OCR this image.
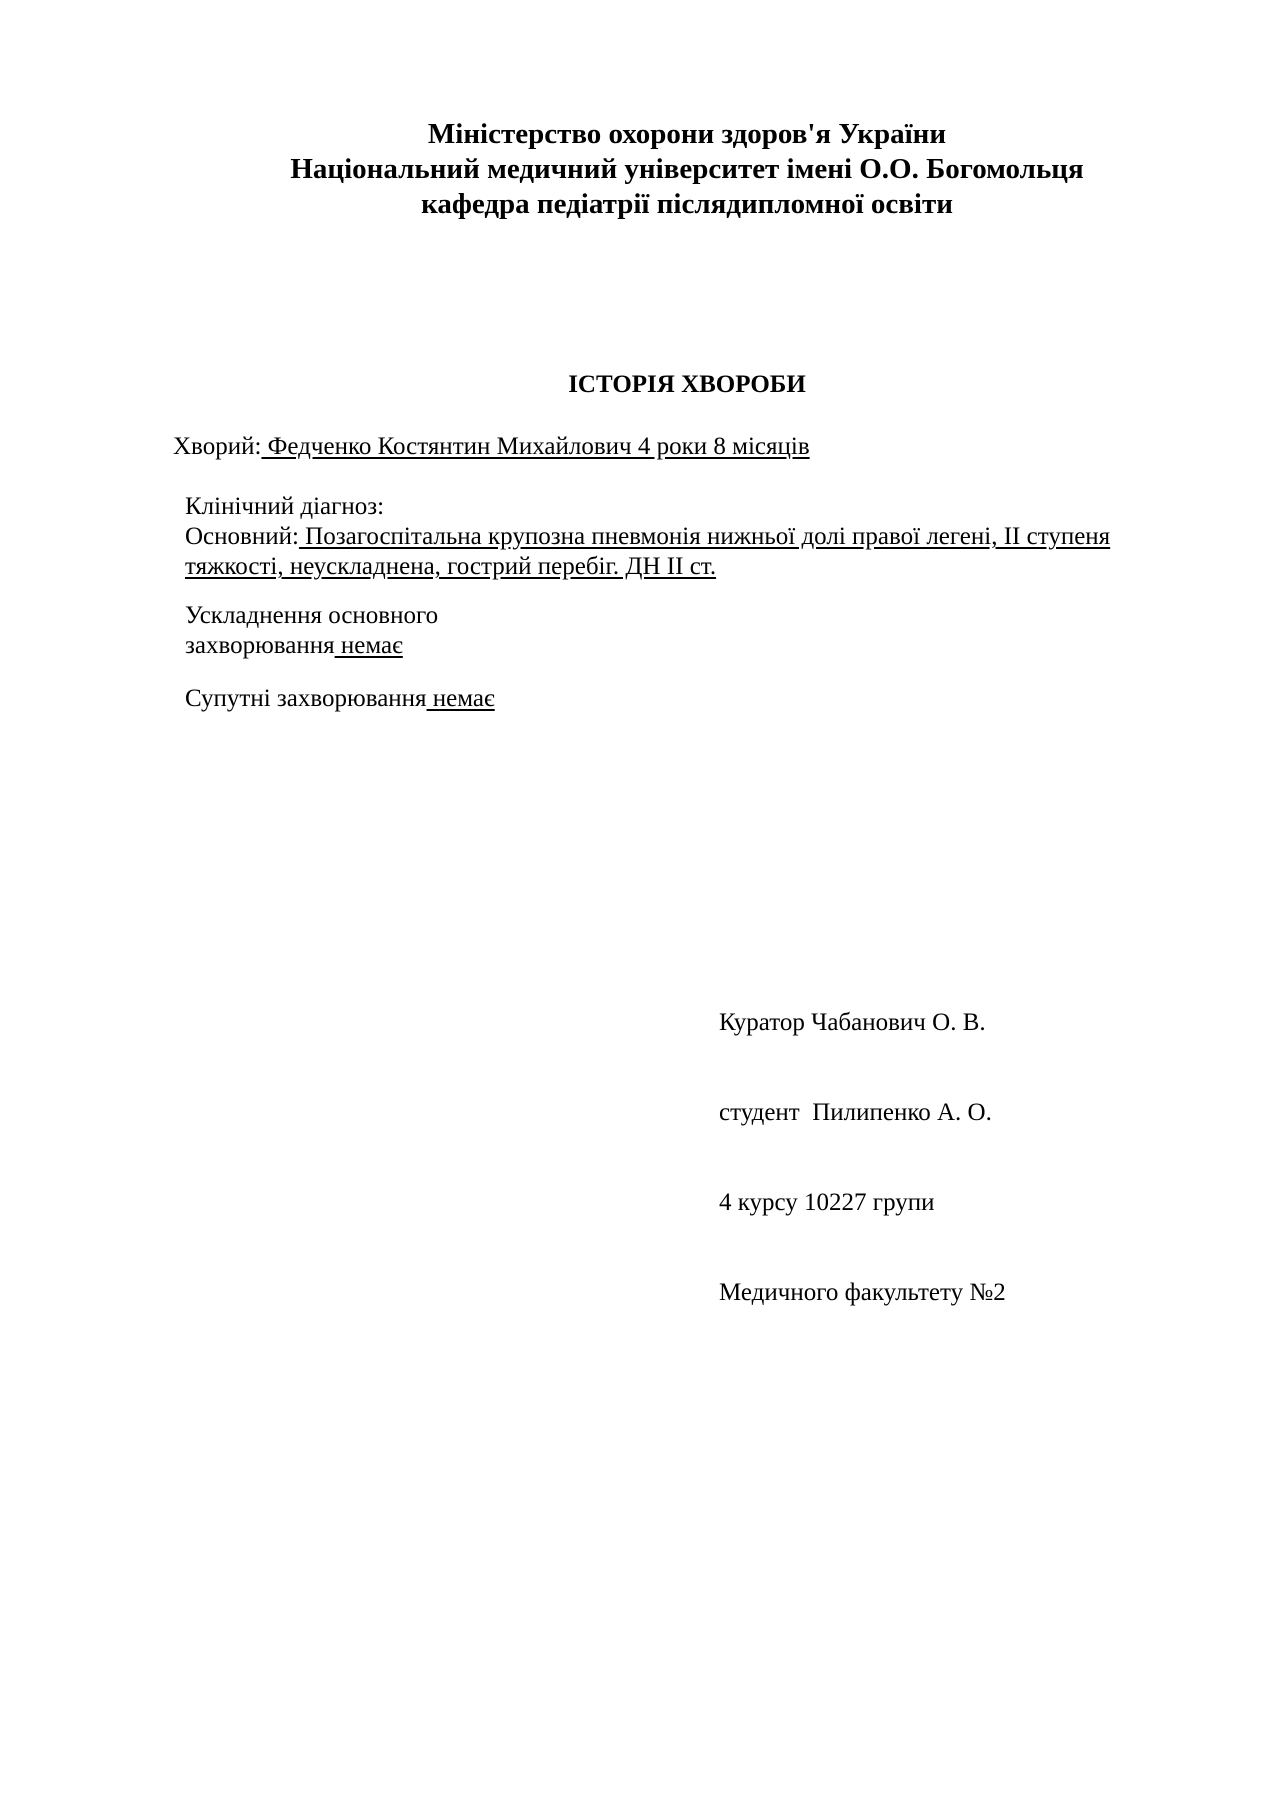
Міністерство охорони здоров'я України
Національний медичний університет імені О.О. Богомольця
кафедра педіатрії післядипломної освіти
ІСТОРІЯ ХВОРОБИ
Хворий: Федченко Костянтин Михайлович 4 роки 8 місяців
Клінічний діагноз:
Основний: Позагоспітальна крупозна пневмонія нижньої долі правої легені, II ступеня
тяжкості, неускладнена, гострий перебіг. ДН II ст.
Ускладнення основного
захворювання немає
Супутні захворювання немає

Куратор Чабанович О. В.

студент  Пилипенко А. О.

4 курсу 10227 групи

Медичного факультету №2
